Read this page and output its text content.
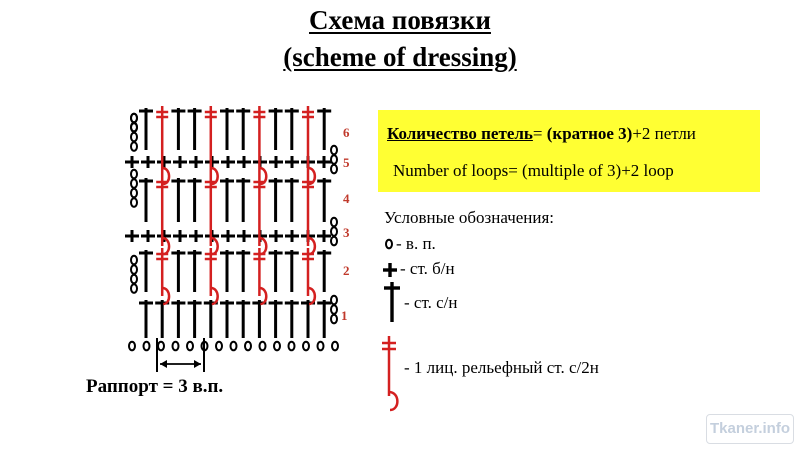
Схема повязки
(scheme of dressing)
1
2
3
4
5
6 Количество петель= (кратное 3)+2 петли
Number of loops= (multiple of 3)+2 loop
Условные обозначения:
- в. п.
- ст. б/н
- ст. с/н
- 1 лиц. рельефный ст. с/2н
Раппорт = 3 в.п.
Tkaner.info
